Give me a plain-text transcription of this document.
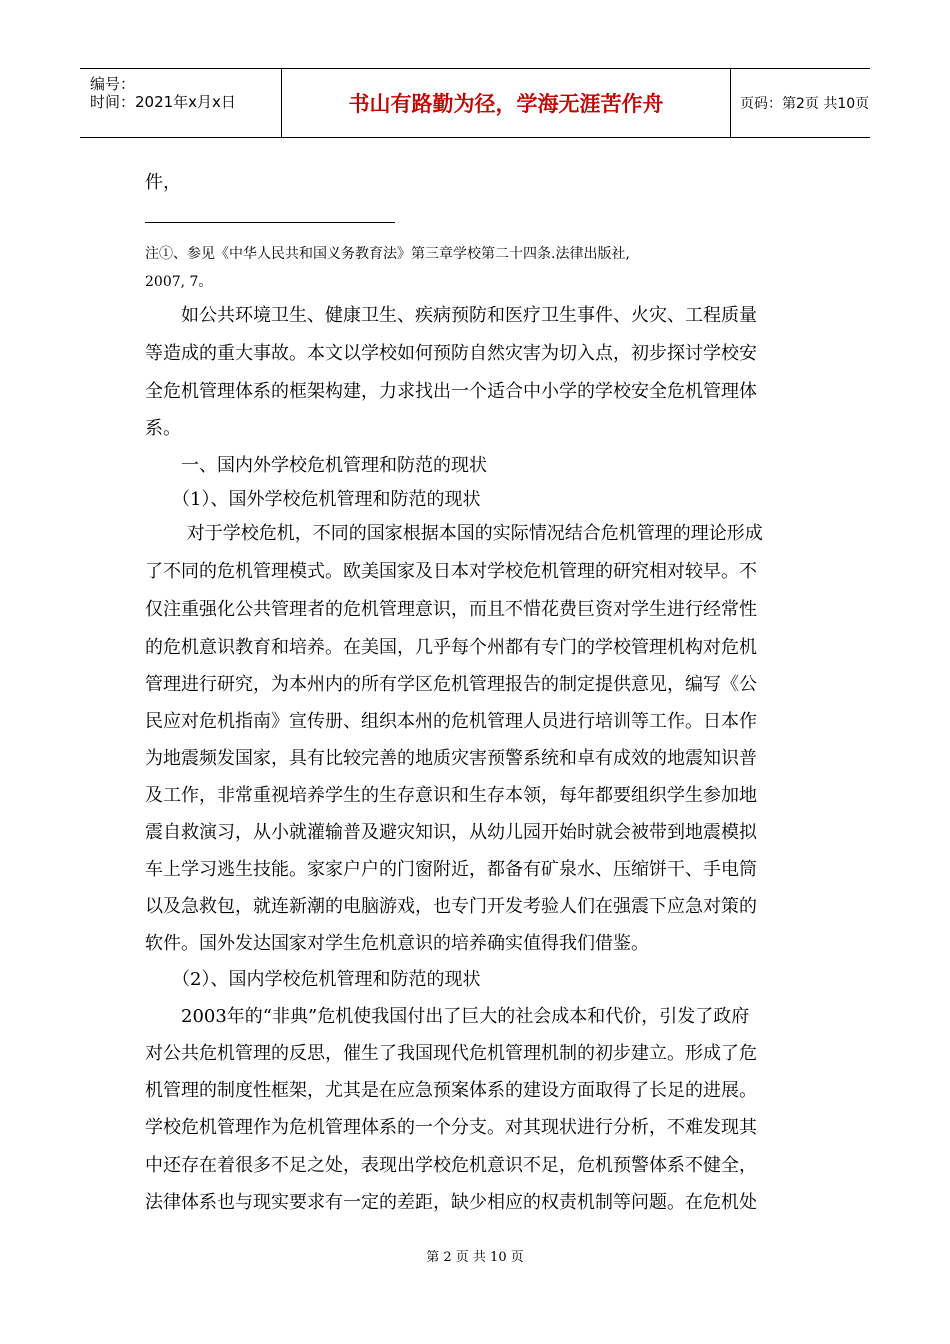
编号：
时间：2021年x月x日	书山有路勤为径，学海无涯苦作舟	页码：第2页 共10页
件，
注①、参见《中华人民共和国义务教育法》第三章学校第二十四条.法律出版社,
2007, 7。
　　如公共环境卫生、健康卫生、疾病预防和医疗卫生事件、火灾、工程质量
等造成的重大事故。本文以学校如何预防自然灾害为切入点，初步探讨学校安
全危机管理体系的框架构建，力求找出一个适合中小学的学校安全危机管理体
系。
　　一、国内外学校危机管理和防范的现状
　　（1）、国外学校危机管理和防范的现状
　　 对于学校危机，不同的国家根据本国的实际情况结合危机管理的理论形成
了不同的危机管理模式。欧美国家及日本对学校危机管理的研究相对较早。不
仅注重强化公共管理者的危机管理意识，而且不惜花费巨资对学生进行经常性
的危机意识教育和培养。在美国，几乎每个州都有专门的学校管理机构对危机
管理进行研究，为本州内的所有学区危机管理报告的制定提供意见，编写《公
民应对危机指南》宣传册、组织本州的危机管理人员进行培训等工作。日本作
为地震频发国家，具有比较完善的地质灾害预警系统和卓有成效的地震知识普
及工作，非常重视培养学生的生存意识和生存本领，每年都要组织学生参加地
震自救演习，从小就灌输普及避灾知识，从幼儿园开始时就会被带到地震模拟
车上学习逃生技能。家家户户的门窗附近，都备有矿泉水、压缩饼干、手电筒
以及急救包，就连新潮的电脑游戏，也专门开发考验人们在强震下应急对策的
软件。国外发达国家对学生危机意识的培养确实值得我们借鉴。
　　（2）、国内学校危机管理和防范的现状
　　2003年的“非典”危机使我国付出了巨大的社会成本和代价，引发了政府
对公共危机管理的反思，催生了我国现代危机管理机制的初步建立。形成了危
机管理的制度性框架，尤其是在应急预案体系的建设方面取得了长足的进展。
学校危机管理作为危机管理体系的一个分支。对其现状进行分析，不难发现其
中还存在着很多不足之处，表现出学校危机意识不足，危机预警体系不健全，
法律体系也与现实要求有一定的差距，缺少相应的权责机制等问题。在危机处
第 2 页 共 10 页
